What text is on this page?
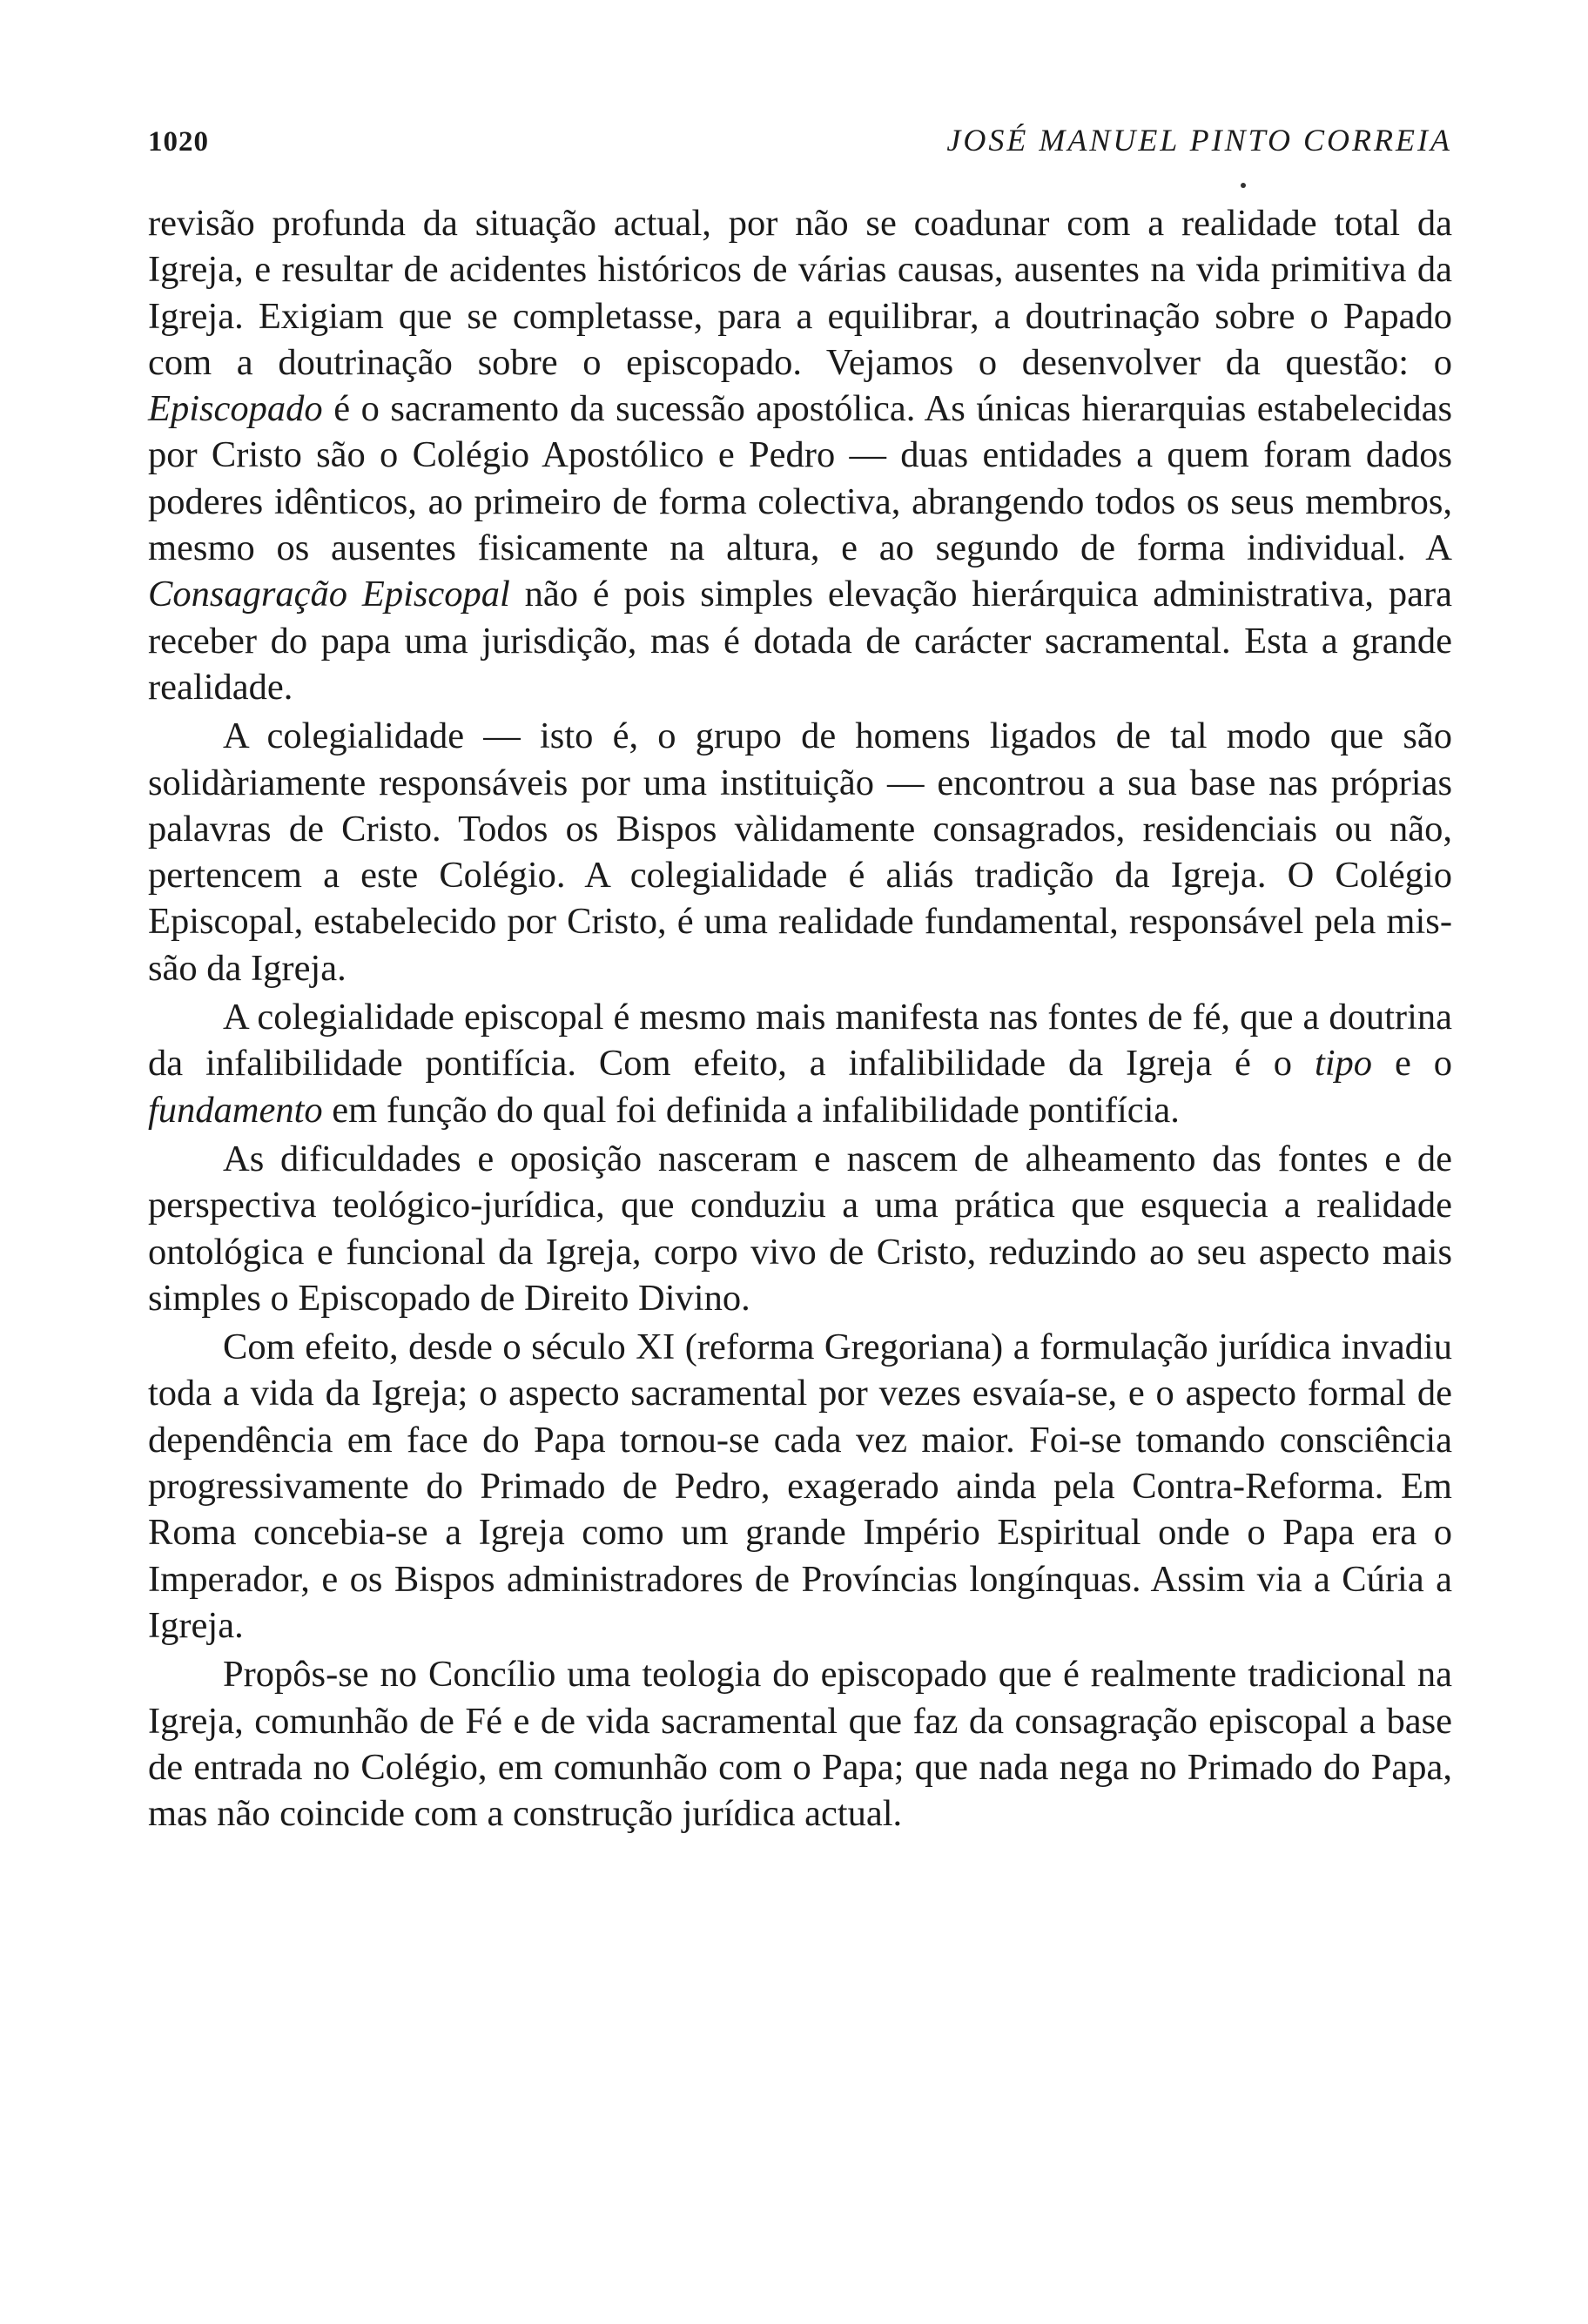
1020	JOSÉ MANUEL PINTO CORREIA

revisão profunda da situação actual, por não se coadunar com a realidade total da Igreja, e resultar de acidentes históricos de várias causas, ausentes na vida primitiva da Igreja. Exigiam que se completasse, para a equilibrar, a doutrinação sobre o Papado com a doutrinação sobre o episcopado. Vejamos o desenvolver da questão: o Episcopado é o sacramento da sucessão apostólica. As únicas hierarquias estabelecidas por Cristo são o Colégio Apostólico e Pedro — duas entidades a quem foram dados poderes idênticos, ao primeiro de forma colectiva, abrangendo todos os seus membros, mesmo os ausentes fisicamente na altura, e ao segundo de forma individual. A Consagração Episcopal não é pois simples elevação hierárquica administrativa, para receber do papa uma jurisdição, mas é dotada de carácter sacramental. Esta a grande realidade.

A colegialidade — isto é, o grupo de homens ligados de tal modo que são solidàriamente responsáveis por uma instituição — encontrou a sua base nas próprias palavras de Cristo. Todos os Bispos vàlidamente consagrados, residenciais ou não, pertencem a este Colégio. A colegialidade é aliás tradição da Igreja. O Colégio Episcopal, estabelecido por Cristo, é uma realidade fundamental, responsável pela missão da Igreja.

A colegialidade episcopal é mesmo mais manifesta nas fontes de fé, que a doutrina da infalibilidade pontifícia. Com efeito, a infalibilidade da Igreja é o tipo e o fundamento em função do qual foi definida a infalibilidade pontifícia.

As dificuldades e oposição nasceram e nascem de alheamento das fontes e de perspectiva teológico-jurídica, que conduziu a uma prática que esquecia a realidade ontológica e funcional da Igreja, corpo vivo de Cristo, reduzindo ao seu aspecto mais simples o Episcopado de Direito Divino.

Com efeito, desde o século XI (reforma Gregoriana) a formulação jurídica invadiu toda a vida da Igreja; o aspecto sacramental por vezes esvaía-se, e o aspecto formal de dependência em face do Papa tornou-se cada vez maior. Foi-se tomando consciência progressivamente do Primado de Pedro, exagerado ainda pela Contra-Reforma. Em Roma concebia-se a Igreja como um grande Império Espiritual onde o Papa era o Imperador, e os Bispos administradores de Províncias longínquas. Assim via a Cúria a Igreja.

Propôs-se no Concílio uma teologia do episcopado que é realmente tradicional na Igreja, comunhão de Fé e de vida sacramental que faz da consagração episcopal a base de entrada no Colégio, em comunhão com o Papa; que nada nega no Primado do Papa, mas não coincide com a construção jurídica actual.
